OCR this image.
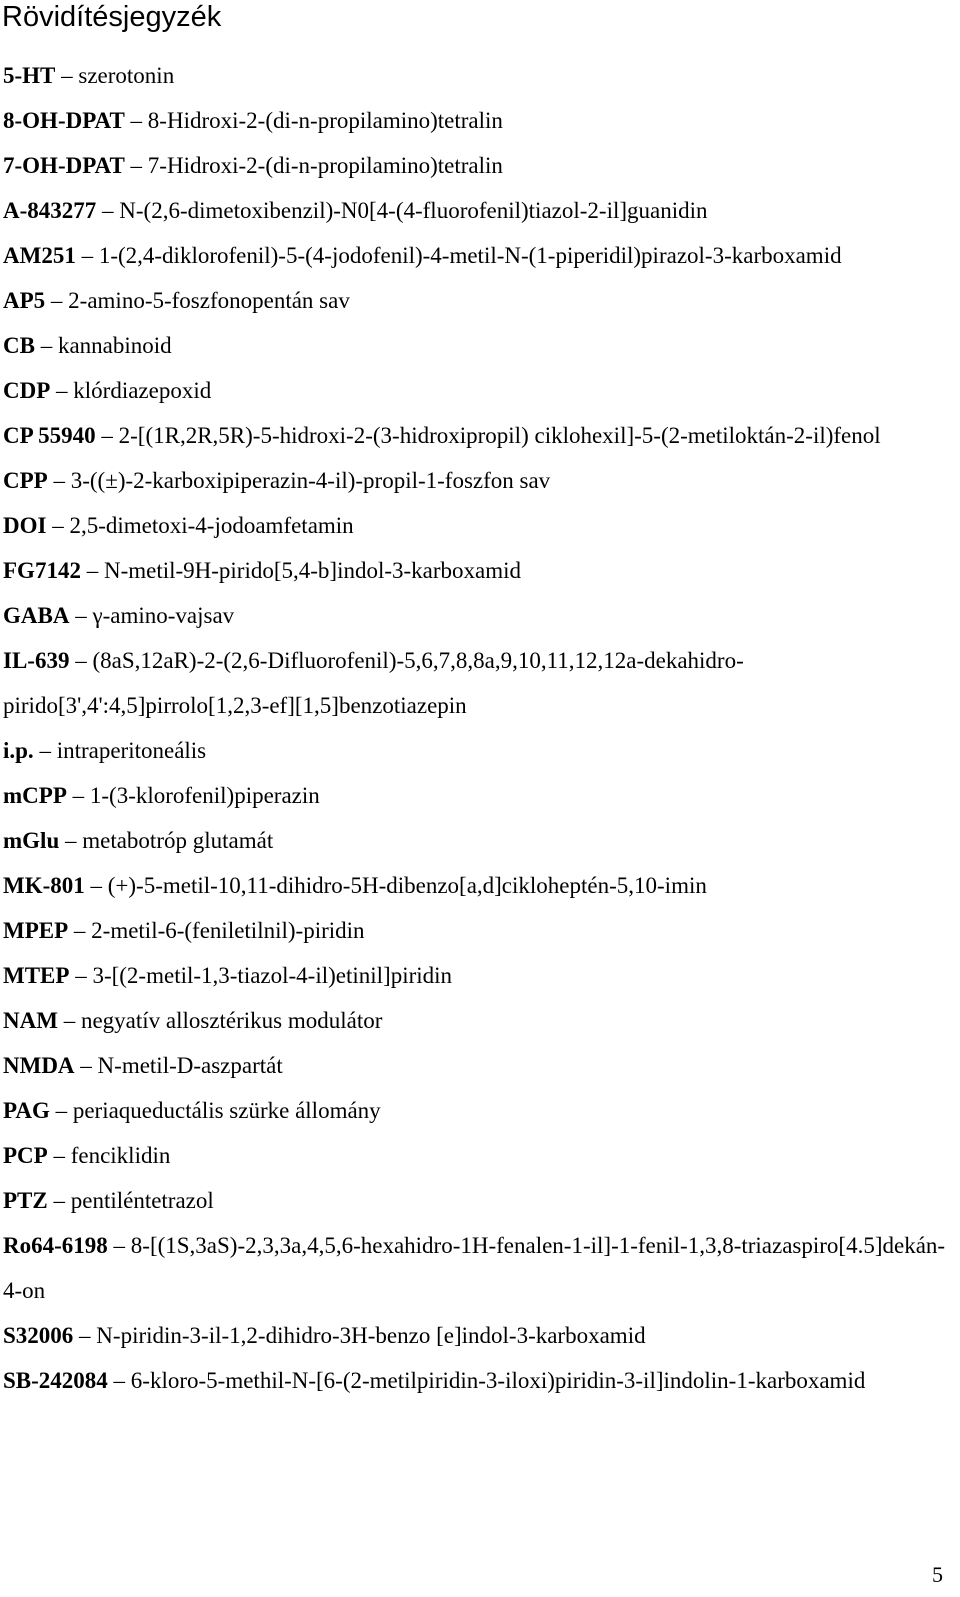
Rövidítésjegyzék
5-HT – szerotonin
8-OH-DPAT – 8-Hidroxi-2-(di-n-propilamino)tetralin
7-OH-DPAT – 7-Hidroxi-2-(di-n-propilamino)tetralin
A-843277 – N-(2,6-dimetoxibenzil)-N0[4-(4-fluorofenil)tiazol-2-il]guanidin
AM251 – 1-(2,4-diklorofenil)-5-(4-jodofenil)-4-metil-N-(1-piperidil)pirazol-3-karboxamid
AP5 – 2-amino-5-foszfonopentán sav
CB – kannabinoid
CDP – klórdiazepoxid
CP 55940 – 2-[(1R,2R,5R)-5-hidroxi-2-(3-hidroxipropil) ciklohexil]-5-(2-metiloktán-2-il)fenol
CPP – 3-((±)-2-karboxipiperazin-4-il)-propil-1-foszfon sav
DOI – 2,5-dimetoxi-4-jodoamfetamin
FG7142 – N-metil-9H-pirido[5,4-b]indol-3-karboxamid
GABA – γ-amino-vajsav
IL-639 – (8aS,12aR)-2-(2,6-Difluorofenil)-5,6,7,8,8a,9,10,11,12,12a-dekahidro-pirido[3',4':4,5]pirrolo[1,2,3-ef][1,5]benzotiazepin
i.p. – intraperitoneális
mCPP – 1-(3-klorofenil)piperazin
mGlu – metabotróp glutamát
MK-801 – (+)-5-metil-10,11-dihidro-5H-dibenzo[a,d]cikloheptén-5,10-imin
MPEP – 2-metil-6-(feniletilnil)-piridin
MTEP – 3-[(2-metil-1,3-tiazol-4-il)etinil]piridin
NAM – negyatív allosztérikus modulátor
NMDA – N-metil-D-aszpartát
PAG – periaqueductális szürke állomány
PCP – fenciklidin
PTZ – pentiléntetrazol
Ro64-6198 – 8-[(1S,3aS)-2,3,3a,4,5,6-hexahidro-1H-fenalen-1-il]-1-fenil-1,3,8-triazaspiro[4.5]dekán-4-on
S32006 – N-piridin-3-il-1,2-dihidro-3H-benzo [e]indol-3-karboxamid
SB-242084 – 6-kloro-5-methil-N-[6-(2-metilpiridin-3-iloxi)piridin-3-il]indolin-1-karboxamid
5
